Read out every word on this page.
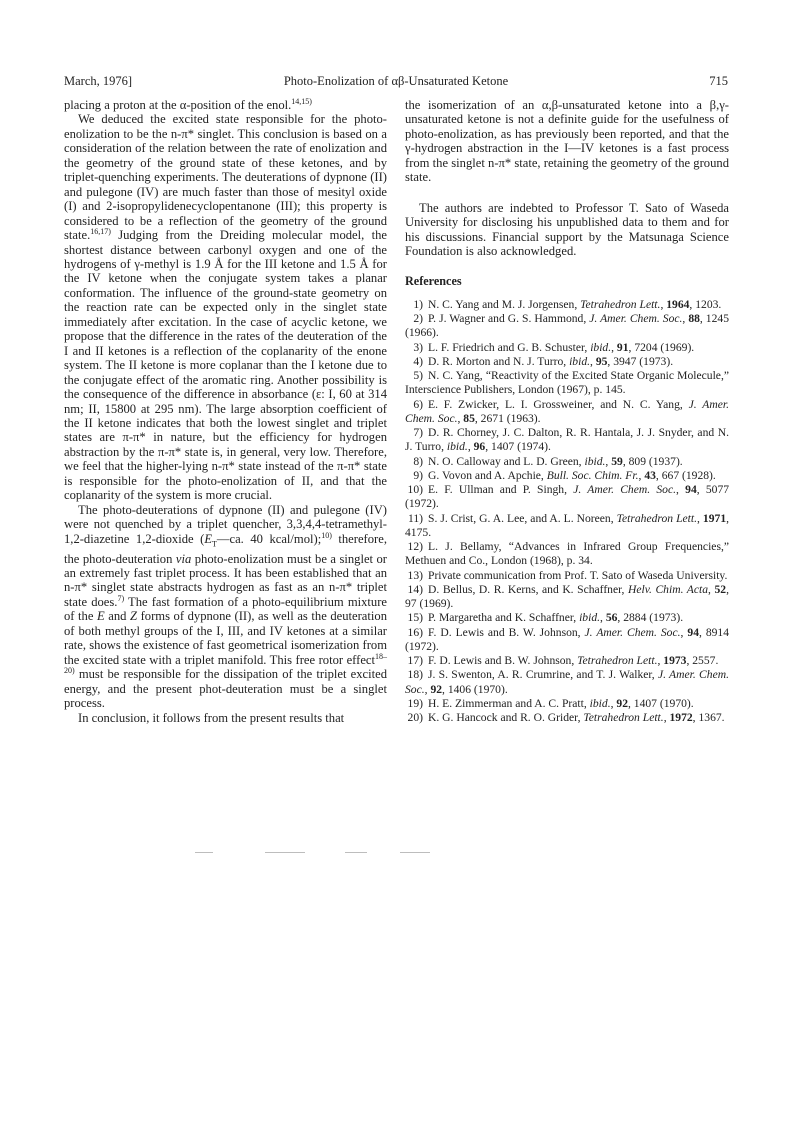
March, 1976]	Photo-Enolization of αβ-Unsaturated Ketone	715

placing a proton at the α-position of the enol.$^{14,15)}$

We deduced the excited state responsible for the photo-enolization to be the n-π* singlet. This conclusion is based on a consideration of the relation between the rate of enolization and the geometry of the ground state of these ketones, and by triplet-quenching experiments. The deuterations of dypnone (II) and pulegone (IV) are much faster than those of mesityl oxide (I) and 2-isopropylidenecyclopentanone (III); this property is considered to be a reflection of the geometry of the ground state.$^{16,17)}$ Judging from the Dreiding molecular model, the shortest distance between carbonyl oxygen and one of the hydrogens of γ-methyl is 1.9 Å for the III ketone and 1.5 Å for the IV ketone when the conjugate system takes a planar conformation. The influence of the ground-state geometry on the reaction rate can be expected only in the singlet state immediately after excitation. In the case of acyclic ketone, we propose that the difference in the rates of the deuteration of the I and II ketones is a reflection of the coplanarity of the enone system. The II ketone is more coplanar than the I ketone due to the conjugate effect of the aromatic ring. Another possibility is the consequence of the difference in absorbance (ε: I, 60 at 314 nm; II, 15800 at 295 nm). The large absorption coefficient of the II ketone indicates that both the lowest singlet and triplet states are π-π* in nature, but the efficiency for hydrogen abstraction by the π-π* state is, in general, very low. Therefore, we feel that the higher-lying n-π* state instead of the π-π* state is responsible for the photo-enolization of II, and that the coplanarity of the system is more crucial.

The photo-deuterations of dypnone (II) and pulegone (IV) were not quenched by a triplet quencher, 3,3,4,4-tetramethyl-1,2-diazetine 1,2-dioxide ($E_T—ca$. 40 kcal/mol);$^{10)}$ therefore, the photo-deuteration via photo-enolization must be a singlet or an extremely fast triplet process. It has been established that an n-π* singlet state abstracts hydrogen as fast as an n-π* triplet state does.$^{7)}$ The fast formation of a photo-equilibrium mixture of the E and Z forms of dypnone (II), as well as the deuteration of both methyl groups of the I, III, and IV ketones at a similar rate, shows the existence of fast geometrical isomerization from the excited state with a triplet manifold. This free rotor effect$^{18-20)}$ must be responsible for the dissipation of the triplet excited energy, and the present phot-deuteration must be a singlet process.

In conclusion, it follows from the present results that

the isomerization of an α,β-unsaturated ketone into a β,γ-unsaturated ketone is not a definite guide for the usefulness of photo-enolization, as has previously been reported, and that the γ-hydrogen abstraction in the I—IV ketones is a fast process from the singlet n-π* state, retaining the geometry of the ground state.

The authors are indebted to Professor T. Sato of Waseda University for disclosing his unpublished data to them and for his discussions. Financial support by the Matsunaga Science Foundation is also acknowledged.

References

1) N. C. Yang and M. J. Jorgensen, Tetrahedron Lett., 1964, 1203.

2) P. J. Wagner and G. S. Hammond, J. Amer. Chem. Soc., 88, 1245 (1966).

3) L. F. Friedrich and G. B. Schuster, ibid., 91, 7204 (1969).

4) D. R. Morton and N. J. Turro, ibid., 95, 3947 (1973).

5) N. C. Yang, “Reactivity of the Excited State Organic Molecule,” Interscience Publishers, London (1967), p. 145.

6) E. F. Zwicker, L. I. Grossweiner, and N. C. Yang, J. Amer. Chem. Soc., 85, 2671 (1963).

7) D. R. Chorney, J. C. Dalton, R. R. Hantala, J. J. Snyder, and N. J. Turro, ibid., 96, 1407 (1974).

8) N. O. Calloway and L. D. Green, ibid., 59, 809 (1937).

9) G. Vovon and A. Apchie, Bull. Soc. Chim. Fr., 43, 667 (1928).

10) E. F. Ullman and P. Singh, J. Amer. Chem. Soc., 94, 5077 (1972).

11) S. J. Crist, G. A. Lee, and A. L. Noreen, Tetrahedron Lett., 1971, 4175.

12) L. J. Bellamy, “Advances in Infrared Group Frequencies,” Methuen and Co., London (1968), p. 34.

13) Private communication from Prof. T. Sato of Waseda University.

14) D. Bellus, D. R. Kerns, and K. Schaffner, Helv. Chim. Acta, 52, 97 (1969).

15) P. Margaretha and K. Schaffner, ibid., 56, 2884 (1973).

16) F. D. Lewis and B. W. Johnson, J. Amer. Chem. Soc., 94, 8914 (1972).

17) F. D. Lewis and B. W. Johnson, Tetrahedron Lett., 1973, 2557.

18) J. S. Swenton, A. R. Crumrine, and T. J. Walker, J. Amer. Chem. Soc., 92, 1406 (1970).

19) H. E. Zimmerman and A. C. Pratt, ibid., 92, 1407 (1970).

20) K. G. Hancock and R. O. Grider, Tetrahedron Lett., 1972, 1367.
